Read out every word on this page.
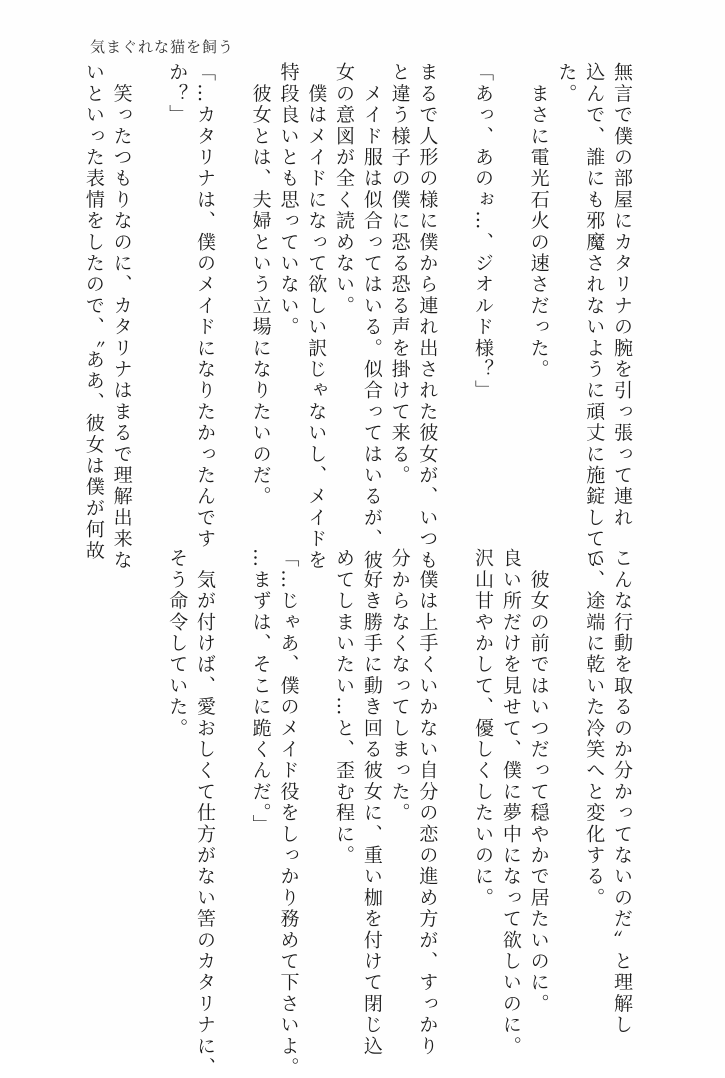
気まぐれな猫を飼う
無言で僕の部屋にカタリナの腕を引っ張って連れ
込んで、誰にも邪魔されないように頑丈に施錠してい
た。
　まさに電光石火の速さだった。
「あっ、あのぉ…、ジオルド様？」
まるで人形の様に僕から連れ出された彼女が、いつも
と違う様子の僕に恐る恐る声を掛けて来る。
　メイド服は似合ってはいる。似合ってはいるが、彼
女の意図が全く読めない。
　僕はメイドになって欲しい訳じゃないし、メイドを
特段良いとも思っていない。
　彼女とは、夫婦という立場になりたいのだ。
「…カタリナは、僕のメイドになりたかったんです
か？」
　笑ったつもりなのに、カタリナはまるで理解出来な
いといった表情をしたので、〝ああ、彼女は僕が何故
こんな行動を取るのか分かってないのだ〟と理解し
て、途端に乾いた冷笑へと変化する。
　彼女の前ではいつだって穏やかで居たいのに。
良い所だけを見せて、僕に夢中になって欲しいのに。
沢山甘やかして、優しくしたいのに。
　僕は上手くいかない自分の恋の進め方が、すっかり
分からなくなってしまった。
　好き勝手に動き回る彼女に、重い枷を付けて閉じ込
めてしまいたい…と、歪む程に。
「…じゃあ、僕のメイド役をしっかり務めて下さいよ。
…まずは、そこに跪くんだ。」
　気が付けば、愛おしくて仕方がない筈のカタリナに、
そう命令していた。
